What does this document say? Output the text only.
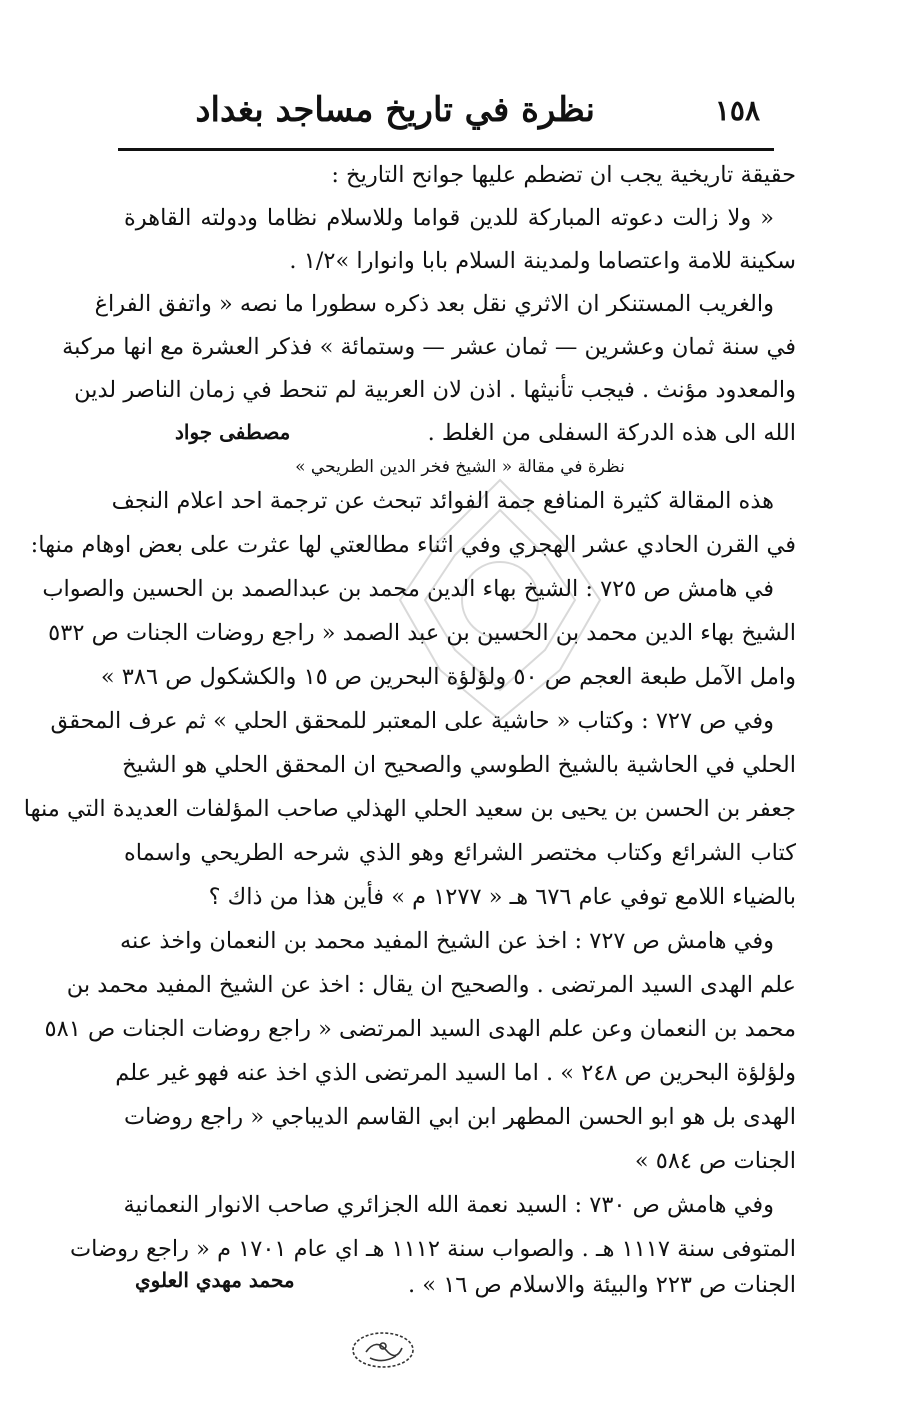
١٥٨
نظرة في تاريخ مساجد بغداد
حقيقة تاريخية يجب ان تضطم عليها جوانح التاريخ :
« ولا زالت دعوته المباركة للدين قواما وللاسلام نظاما ودولته القاهرة
سكينة للامة واعتصاما ولمدينة السلام بابا وانوارا »١/٢ .
والغريب المستنكر ان الاثري نقل بعد ذكره سطورا ما نصه « واتفق الفراغ
في سنة ثمان وعشرين — ثمان عشر — وستمائة » فذكر العشرة مع انها مركبة
والمعدود مؤنث . فيجب تأنيثها . اذن لان العربية لم تنحط في زمان الناصر لدين
الله الى هذه الدركة السفلى من الغلط .
مصطفى جواد
نظرة في مقالة « الشيخ فخر الدين الطريحي »
هذه المقالة كثيرة المنافع جمة الفوائد تبحث عن ترجمة احد اعلام النجف
في القرن الحادي عشر الهجري وفي اثناء مطالعتي لها عثرت على بعض اوهام منها:
في هامش ص ٧٢٥ : الشيخ بهاء الدين محمد بن عبدالصمد بن الحسين والصواب
الشيخ بهاء الدين محمد بن الحسين بن عبد الصمد « راجع روضات الجنات ص ٥٣٢
وامل الآمل طبعة العجم ص ٥٠ ولؤلؤة البحرين ص ١٥ والكشكول ص ٣٨٦ »
وفي ص ٧٢٧ : وكتاب « حاشية على المعتبر للمحقق الحلي » ثم عرف المحقق
الحلي في الحاشية بالشيخ الطوسي والصحيح ان المحقق الحلي هو الشيخ
جعفر بن الحسن بن يحيى بن سعيد الحلي الهذلي صاحب المؤلفات العديدة التي منها
كتاب الشرائع وكتاب مختصر الشرائع وهو الذي شرحه الطريحي واسماه
بالضياء اللامع توفي عام ٦٧٦ هـ « ١٢٧٧ م » فأين هذا من ذاك ؟
وفي هامش ص ٧٢٧ : اخذ عن الشيخ المفيد محمد بن النعمان واخذ عنه
علم الهدى السيد المرتضى . والصحيح ان يقال : اخذ عن الشيخ المفيد محمد بن
محمد بن النعمان وعن علم الهدى السيد المرتضى « راجع روضات الجنات ص ٥٨١
ولؤلؤة البحرين ص ٢٤٨ » . اما السيد المرتضى الذي اخذ عنه فهو غير علم
الهدى بل هو ابو الحسن المطهر ابن ابي القاسم الديباجي « راجع روضات
الجنات ص ٥٨٤ »
وفي هامش ص ٧٣٠ : السيد نعمة الله الجزائري صاحب الانوار النعمانية
المتوفى سنة ١١١٧ هـ . والصواب سنة ١١١٢ هـ اي عام ١٧٠١ م « راجع روضات
الجنات ص ٢٢٣ والبيئة والاسلام ص ١٦ » .
محمد مهدي العلوي
